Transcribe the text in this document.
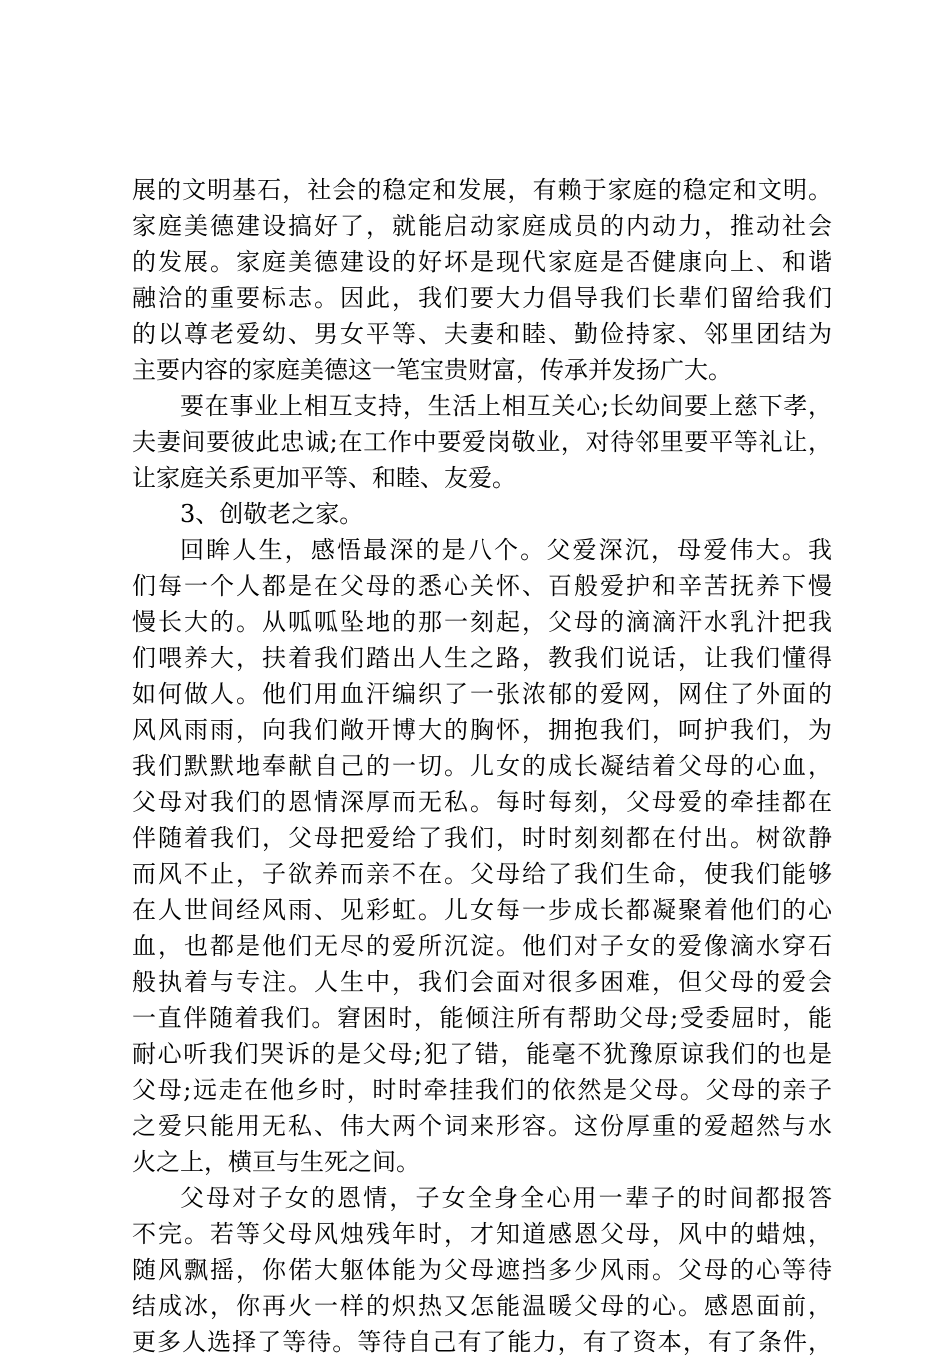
展的文明基石，社会的稳定和发展，有赖于家庭的稳定和文明。
家庭美德建设搞好了，就能启动家庭成员的内动力，推动社会
的发展。家庭美德建设的好坏是现代家庭是否健康向上、和谐
融洽的重要标志。因此，我们要大力倡导我们长辈们留给我们
的以尊老爱幼、男女平等、夫妻和睦、勤俭持家、邻里团结为
主要内容的家庭美德这一笔宝贵财富，传承并发扬广大。
要在事业上相互支持，生活上相互关心;长幼间要上慈下孝，
夫妻间要彼此忠诚;在工作中要爱岗敬业，对待邻里要平等礼让，
让家庭关系更加平等、和睦、友爱。
3、创敬老之家。
回眸人生，感悟最深的是八个。父爱深沉，母爱伟大。我
们每一个人都是在父母的悉心关怀、百般爱护和辛苦抚养下慢
慢长大的。从呱呱坠地的那一刻起，父母的滴滴汗水乳汁把我
们喂养大，扶着我们踏出人生之路，教我们说话，让我们懂得
如何做人。他们用血汗编织了一张浓郁的爱网，网住了外面的
风风雨雨，向我们敞开博大的胸怀，拥抱我们，呵护我们，为
我们默默地奉献自己的一切。儿女的成长凝结着父母的心血，
父母对我们的恩情深厚而无私。每时每刻，父母爱的牵挂都在
伴随着我们，父母把爱给了我们，时时刻刻都在付出。树欲静
而风不止，子欲养而亲不在。父母给了我们生命，使我们能够
在人世间经风雨、见彩虹。儿女每一步成长都凝聚着他们的心
血，也都是他们无尽的爱所沉淀。他们对子女的爱像滴水穿石
般执着与专注。人生中，我们会面对很多困难，但父母的爱会
一直伴随着我们。窘困时，能倾注所有帮助父母;受委屈时，能
耐心听我们哭诉的是父母;犯了错，能毫不犹豫原谅我们的也是
父母;远走在他乡时，时时牵挂我们的依然是父母。父母的亲子
之爱只能用无私、伟大两个词来形容。这份厚重的爱超然与水
火之上，横亘与生死之间。
父母对子女的恩情，子女全身全心用一辈子的时间都报答
不完。若等父母风烛残年时，才知道感恩父母，风中的蜡烛，
随风飘摇，你偌大躯体能为父母遮挡多少风雨。父母的心等待
结成冰，你再火一样的炽热又怎能温暖父母的心。感恩面前，
更多人选择了等待。等待自己有了能力，有了资本，有了条件，
